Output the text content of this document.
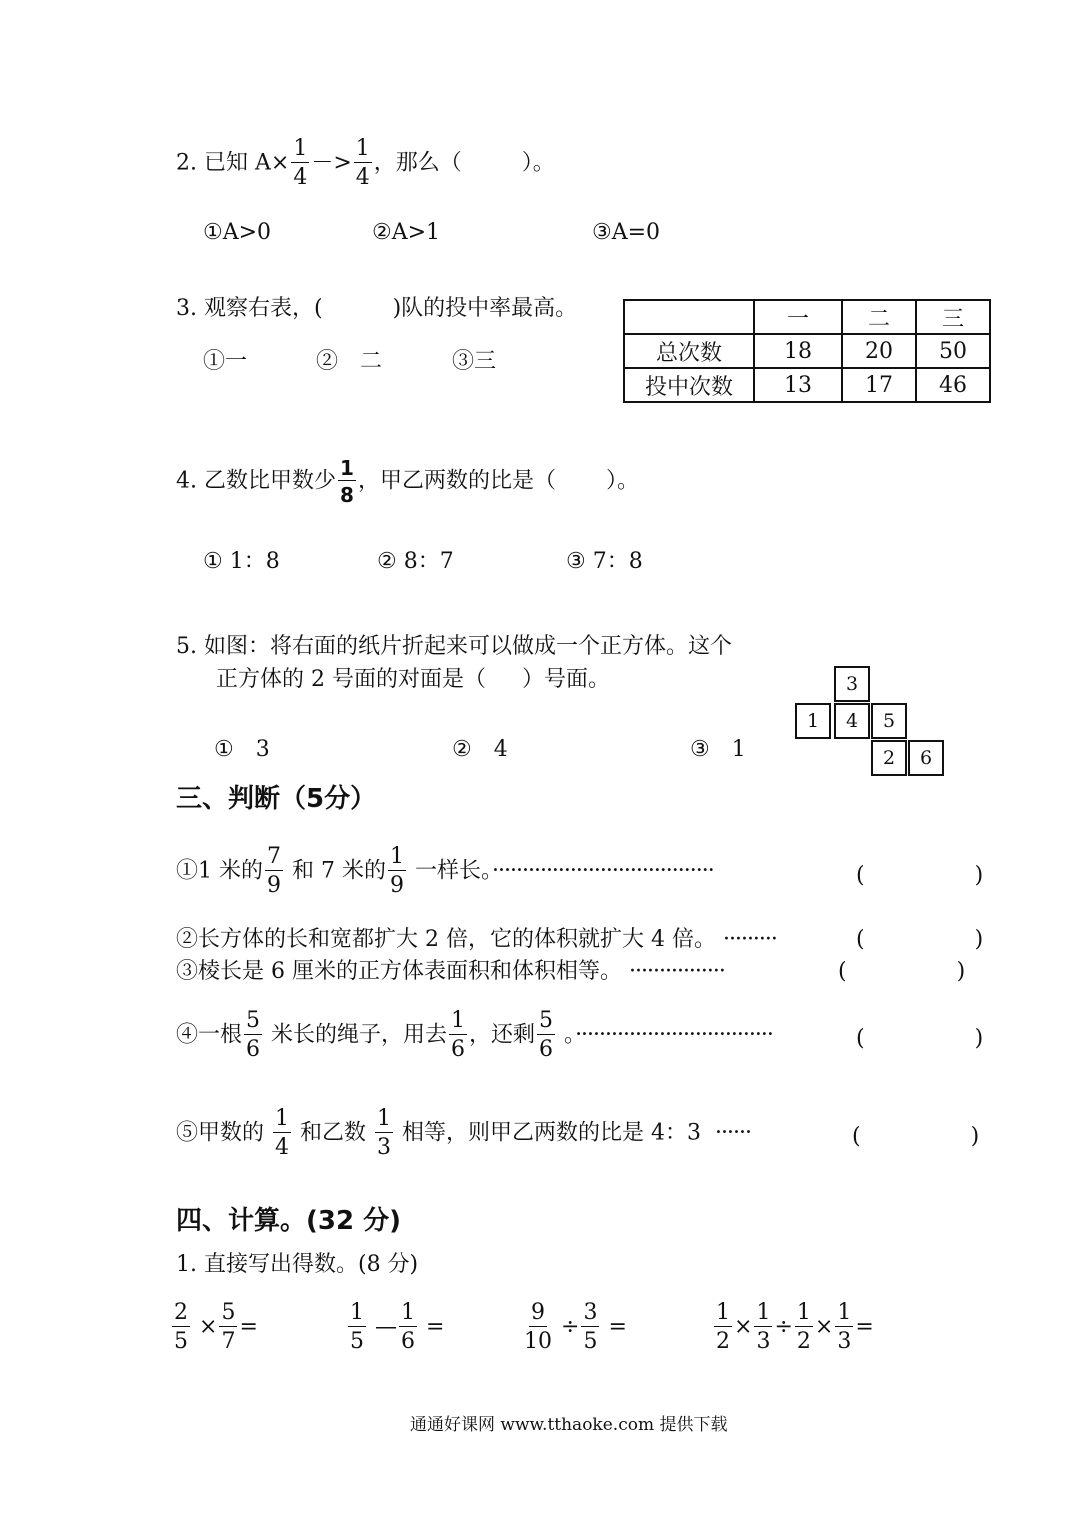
2. 已知 $A\times \frac{1}{4} -> \frac{1}{4}$ ，那么（	）。
①A>0	②A>1	③A=0
3. 观察右表，(	)队的投中率最高。
①一	②　二	③三
	一	二	三
总次数	18	20	50
投中次数	13	17	46
4. 乙数比甲数少 $\frac{1}{8}$ ，甲乙两数的比是（ ）。
① 1：8	② 8：7	③ 7：8
5. 如图：将右面的纸片折起来可以做成一个正方体。这个
正方体的 2 号面的对面是（ ）号面。
①　3	②　4	③　1
3
1	4	5
2	6
三、判断（5分）
①1 米的 $\frac{7}{9}$ 和 7 米的 $\frac{1}{9}$ 一样长。·····································	(　　　　　)
②长方体的长和宽都扩大 2 倍，它的体积就扩大 4 倍。 ·········	(　　　　　)
③棱长是 6 厘米的正方体表面积和体积相等。 ················	(　　　　　)
④一根 $\frac{5}{6}$ 米长的绳子，用去 $\frac{1}{6}$ ，还剩 $\frac{5}{6}$ 。·································	(　　　　　)
⑤甲数的 $\frac{1}{4}$ 和乙数 $\frac{1}{3}$ 相等，则甲乙两数的比是 4：3 ······	(　　　　　)
四、计算。(32 分)
1. 直接写出得数。(8 分)
$\frac{2}{5} \times \frac{5}{7}$ =	$\frac{1}{5}$ — $\frac{1}{6}$ =	$\frac{9}{10} \div \frac{3}{5}$ =	$\frac{1}{2} \times \frac{1}{3} \div \frac{1}{2} \times \frac{1}{3}$ =
通通好课网 www.tthaoke.com 提供下载
